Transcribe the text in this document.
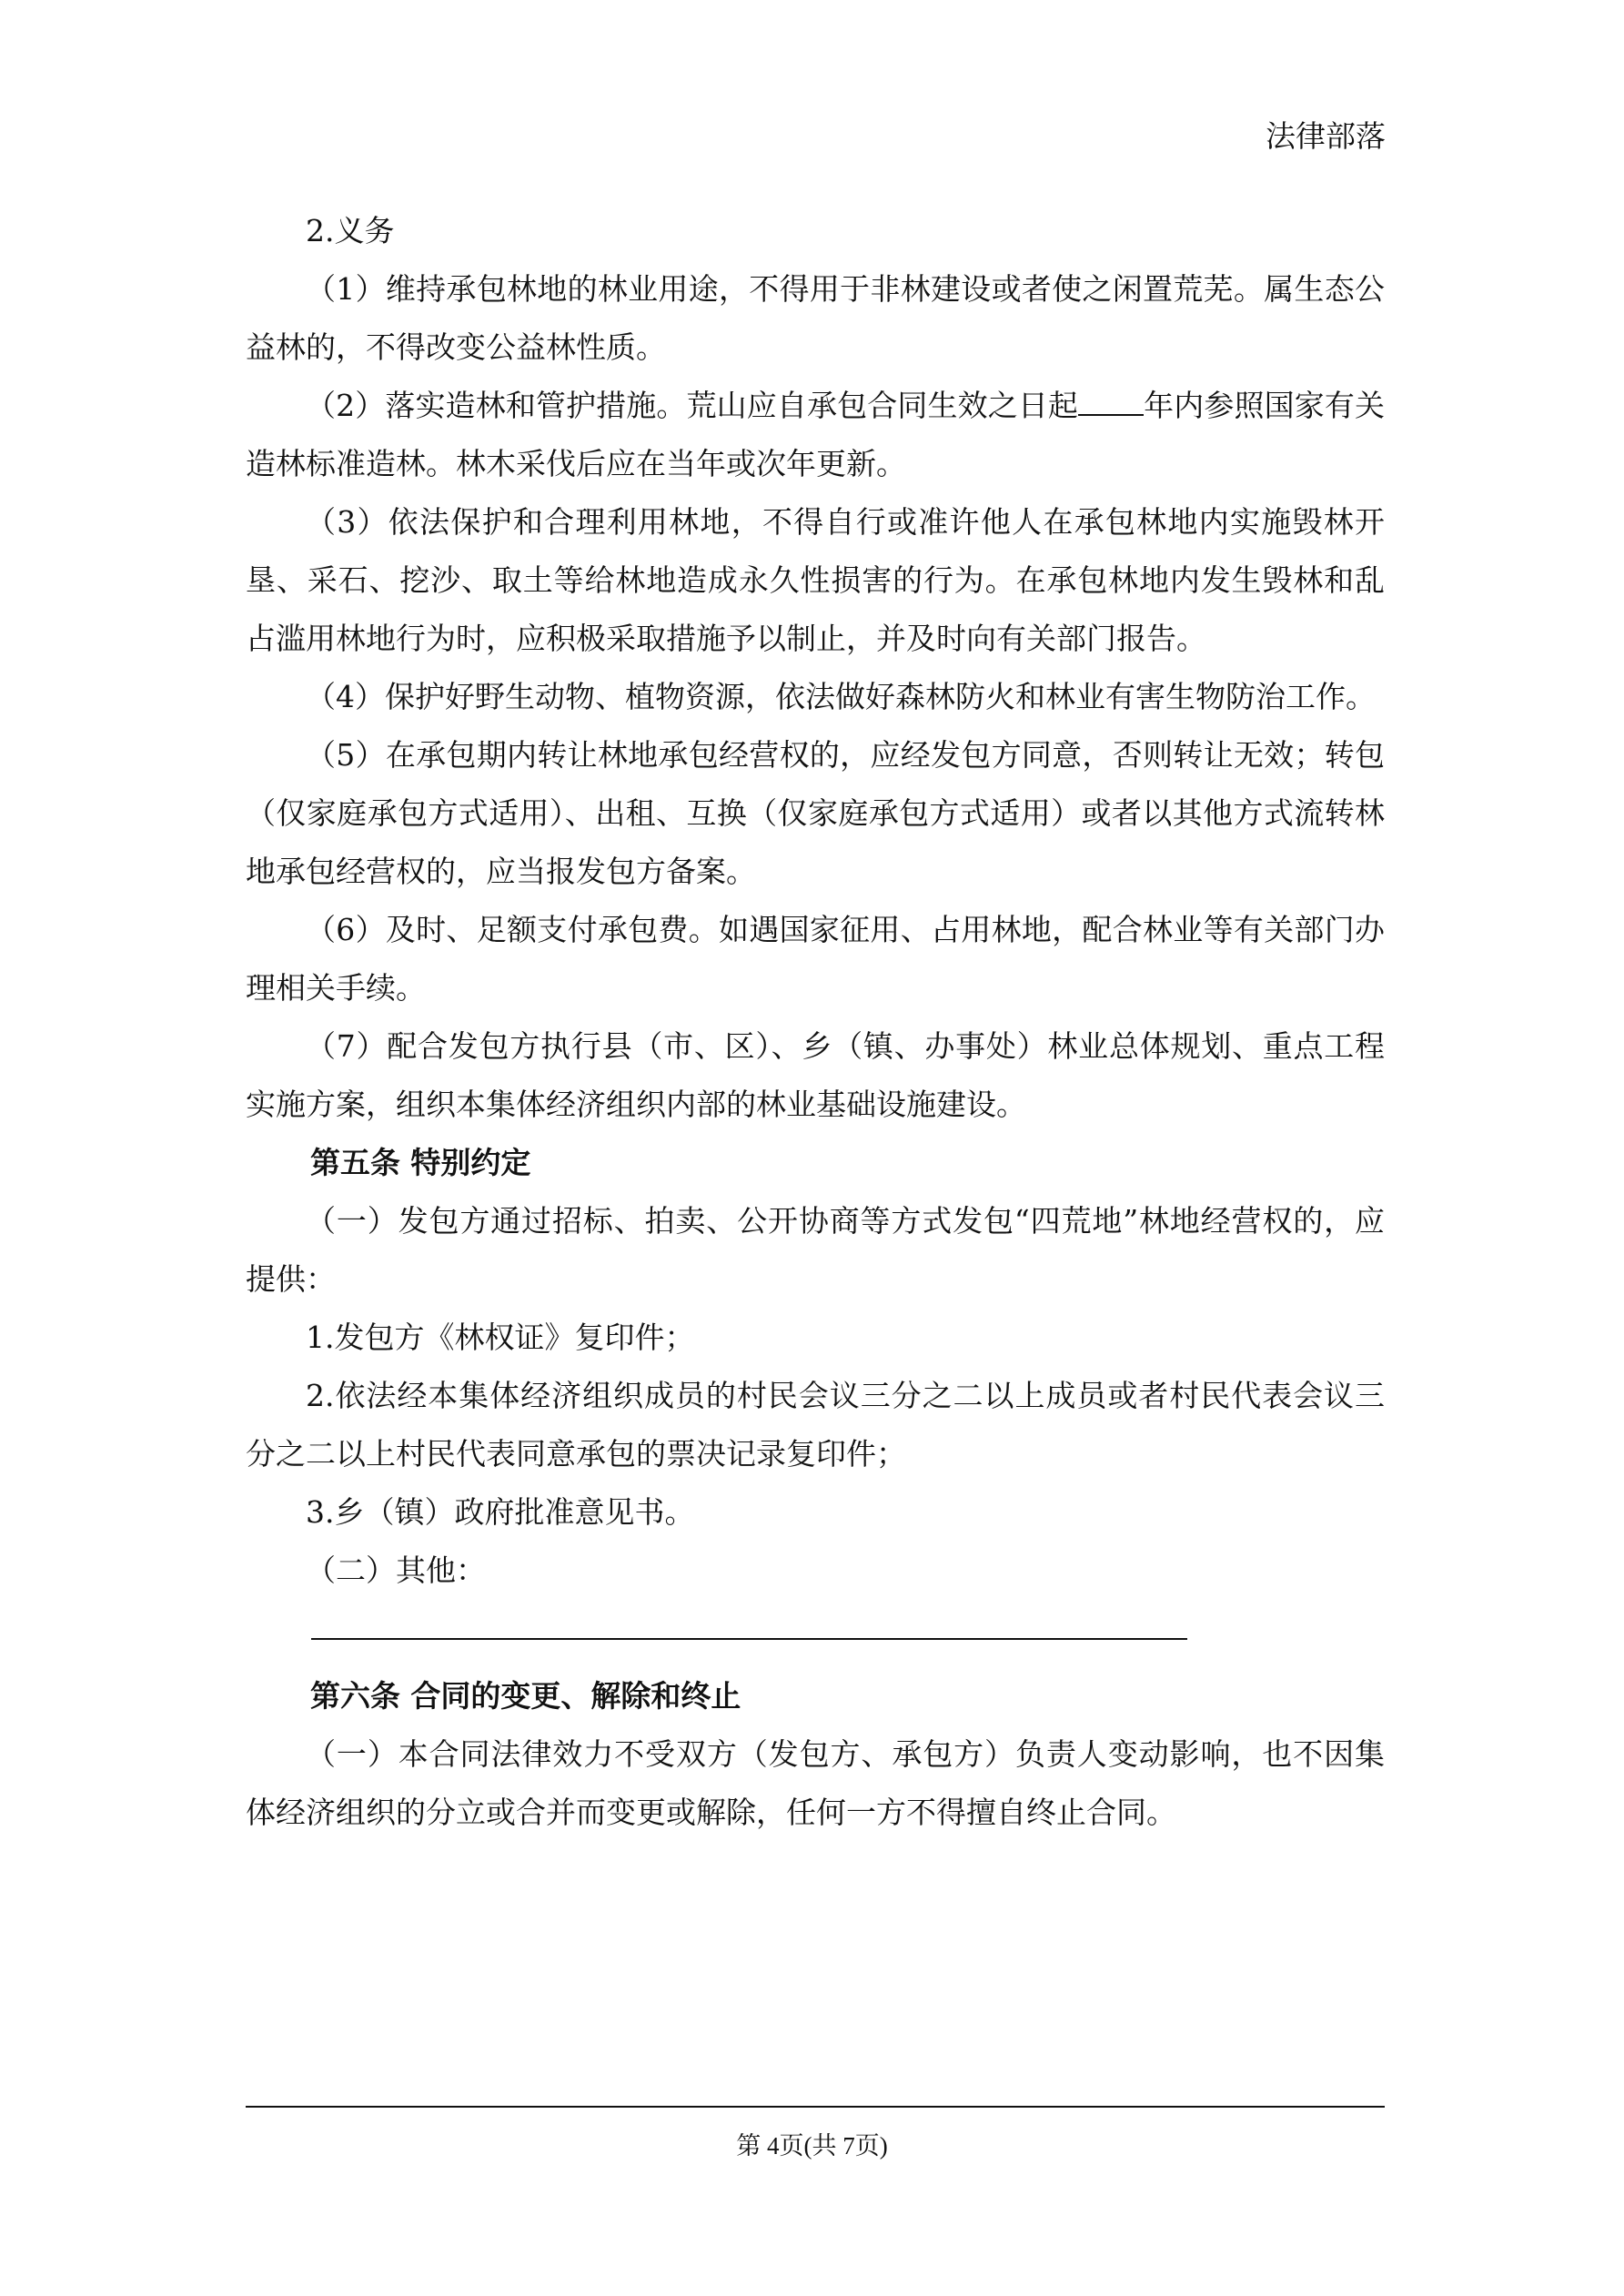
法律部落

2.义务

（1）维持承包林地的林业用途，不得用于非林建设或者使之闲置荒芜。属生态公益林的，不得改变公益林性质。

（2）落实造林和管护措施。荒山应自承包合同生效之日起 年内参照国家有关造林标准造林。林木采伐后应在当年或次年更新。

（3）依法保护和合理利用林地，不得自行或准许他人在承包林地内实施毁林开垦、采石、挖沙、取土等给林地造成永久性损害的行为。在承包林地内发生毁林和乱占滥用林地行为时，应积极采取措施予以制止，并及时向有关部门报告。

（4）保护好野生动物、植物资源，依法做好森林防火和林业有害生物防治工作。

（5）在承包期内转让林地承包经营权的，应经发包方同意，否则转让无效；转包（仅家庭承包方式适用）、出租、互换（仅家庭承包方式适用）或者以其他方式流转林地承包经营权的，应当报发包方备案。

（6）及时、足额支付承包费。如遇国家征用、占用林地，配合林业等有关部门办理相关手续。

（7）配合发包方执行县（市、区）、乡（镇、办事处）林业总体规划、重点工程实施方案，组织本集体经济组织内部的林业基础设施建设。

第五条 特别约定

（一）发包方通过招标、拍卖、公开协商等方式发包“四荒地”林地经营权的，应提供：

1.发包方《林权证》复印件；

2.依法经本集体经济组织成员的村民会议三分之二以上成员或者村民代表会议三分之二以上村民代表同意承包的票决记录复印件；

3.乡（镇）政府批准意见书。

（二）其他：

第六条 合同的变更、解除和终止

（一）本合同法律效力不受双方（发包方、承包方）负责人变动影响，也不因集体经济组织的分立或合并而变更或解除，任何一方不得擅自终止合同。

第 4页(共 7页)
